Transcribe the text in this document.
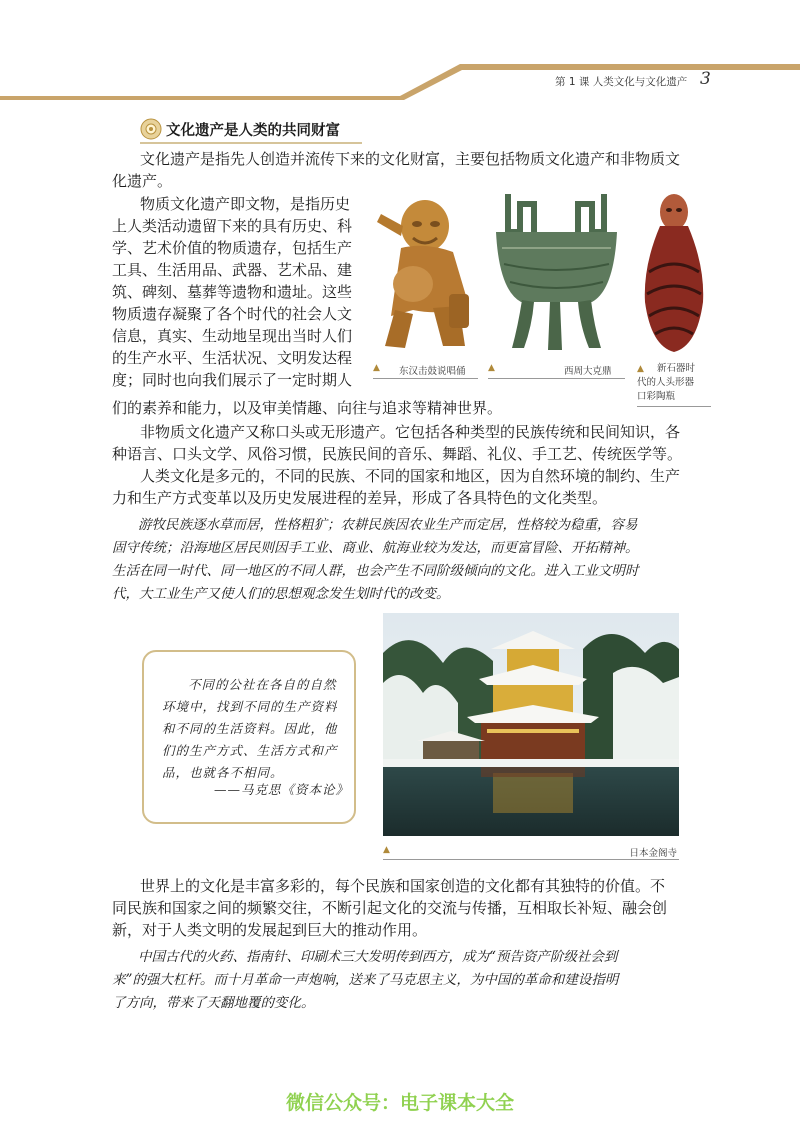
第 1 课 人类文化与文化遗产 3
文化遗产是人类的共同财富

文化遗产是指先人创造并流传下来的文化财富，主要包括物质文化遗产和非物质文

化遗产。

物质文化遗产即文物，是指历史
上人类活动遗留下来的具有历史、科
学、艺术价值的物质遗存，包括生产
工具、生活用品、武器、艺术品、建
筑、碑刻、墓葬等遗物和遗址。这些
物质遗存凝聚了各个时代的社会人文
信息，真实、生动地呈现出当时人们
的生产水平、生活状况、文明发达程
度；同时也向我们展示了一定时期人

们的素养和能力，以及审美情趣、向往与追求等精神世界。

▲ 东汉击鼓说唱俑 ▲	西周大克鼎	▲ 新石器时
代的人头形器
口彩陶瓶

非物质文化遗产又称口头或无形遗产。它包括各种类型的民族传统和民间知识，各

种语言、口头文学、风俗习惯，民族民间的音乐、舞蹈、礼仪、手工艺、传统医学等。

人类文化是多元的，不同的民族、不同的国家和地区，因为自然环境的制约、生产

力和生产方式变革以及历史发展进程的差异，形成了各具特色的文化类型。

游牧民族逐水草而居，性格粗犷；农耕民族因农业生产而定居，性格较为稳重，容易
固守传统；沿海地区居民则因手工业、商业、航海业较为发达，而更富冒险、开拓精神。
生活在同一时代、同一地区的不同人群，也会产生不同阶级倾向的文化。进入工业文明时
代，大工业生产又使人们的思想观念发生划时代的改变。

不同的公社在各自的自然环境中，找到不同的生产资料和不同的生活资料。因此，他们的生产方式、生活方式和产品，也就各不相同。

——马克思《资本论》
▲	日本金阁寺
世界上的文化是丰富多彩的，每个民族和国家创造的文化都有其独特的价值。不
同民族和国家之间的频繁交往，不断引起文化的交流与传播，互相取长补短、融会创
新，对于人类文明的发展起到巨大的推动作用。
中国古代的火药、指南针、印刷术三大发明传到西方，成为“预告资产阶级社会到
来”的强大杠杆。而十月革命一声炮响，送来了马克思主义，为中国的革命和建设指明
了方向，带来了天翻地覆的变化。
微信公众号：电子课本大全
